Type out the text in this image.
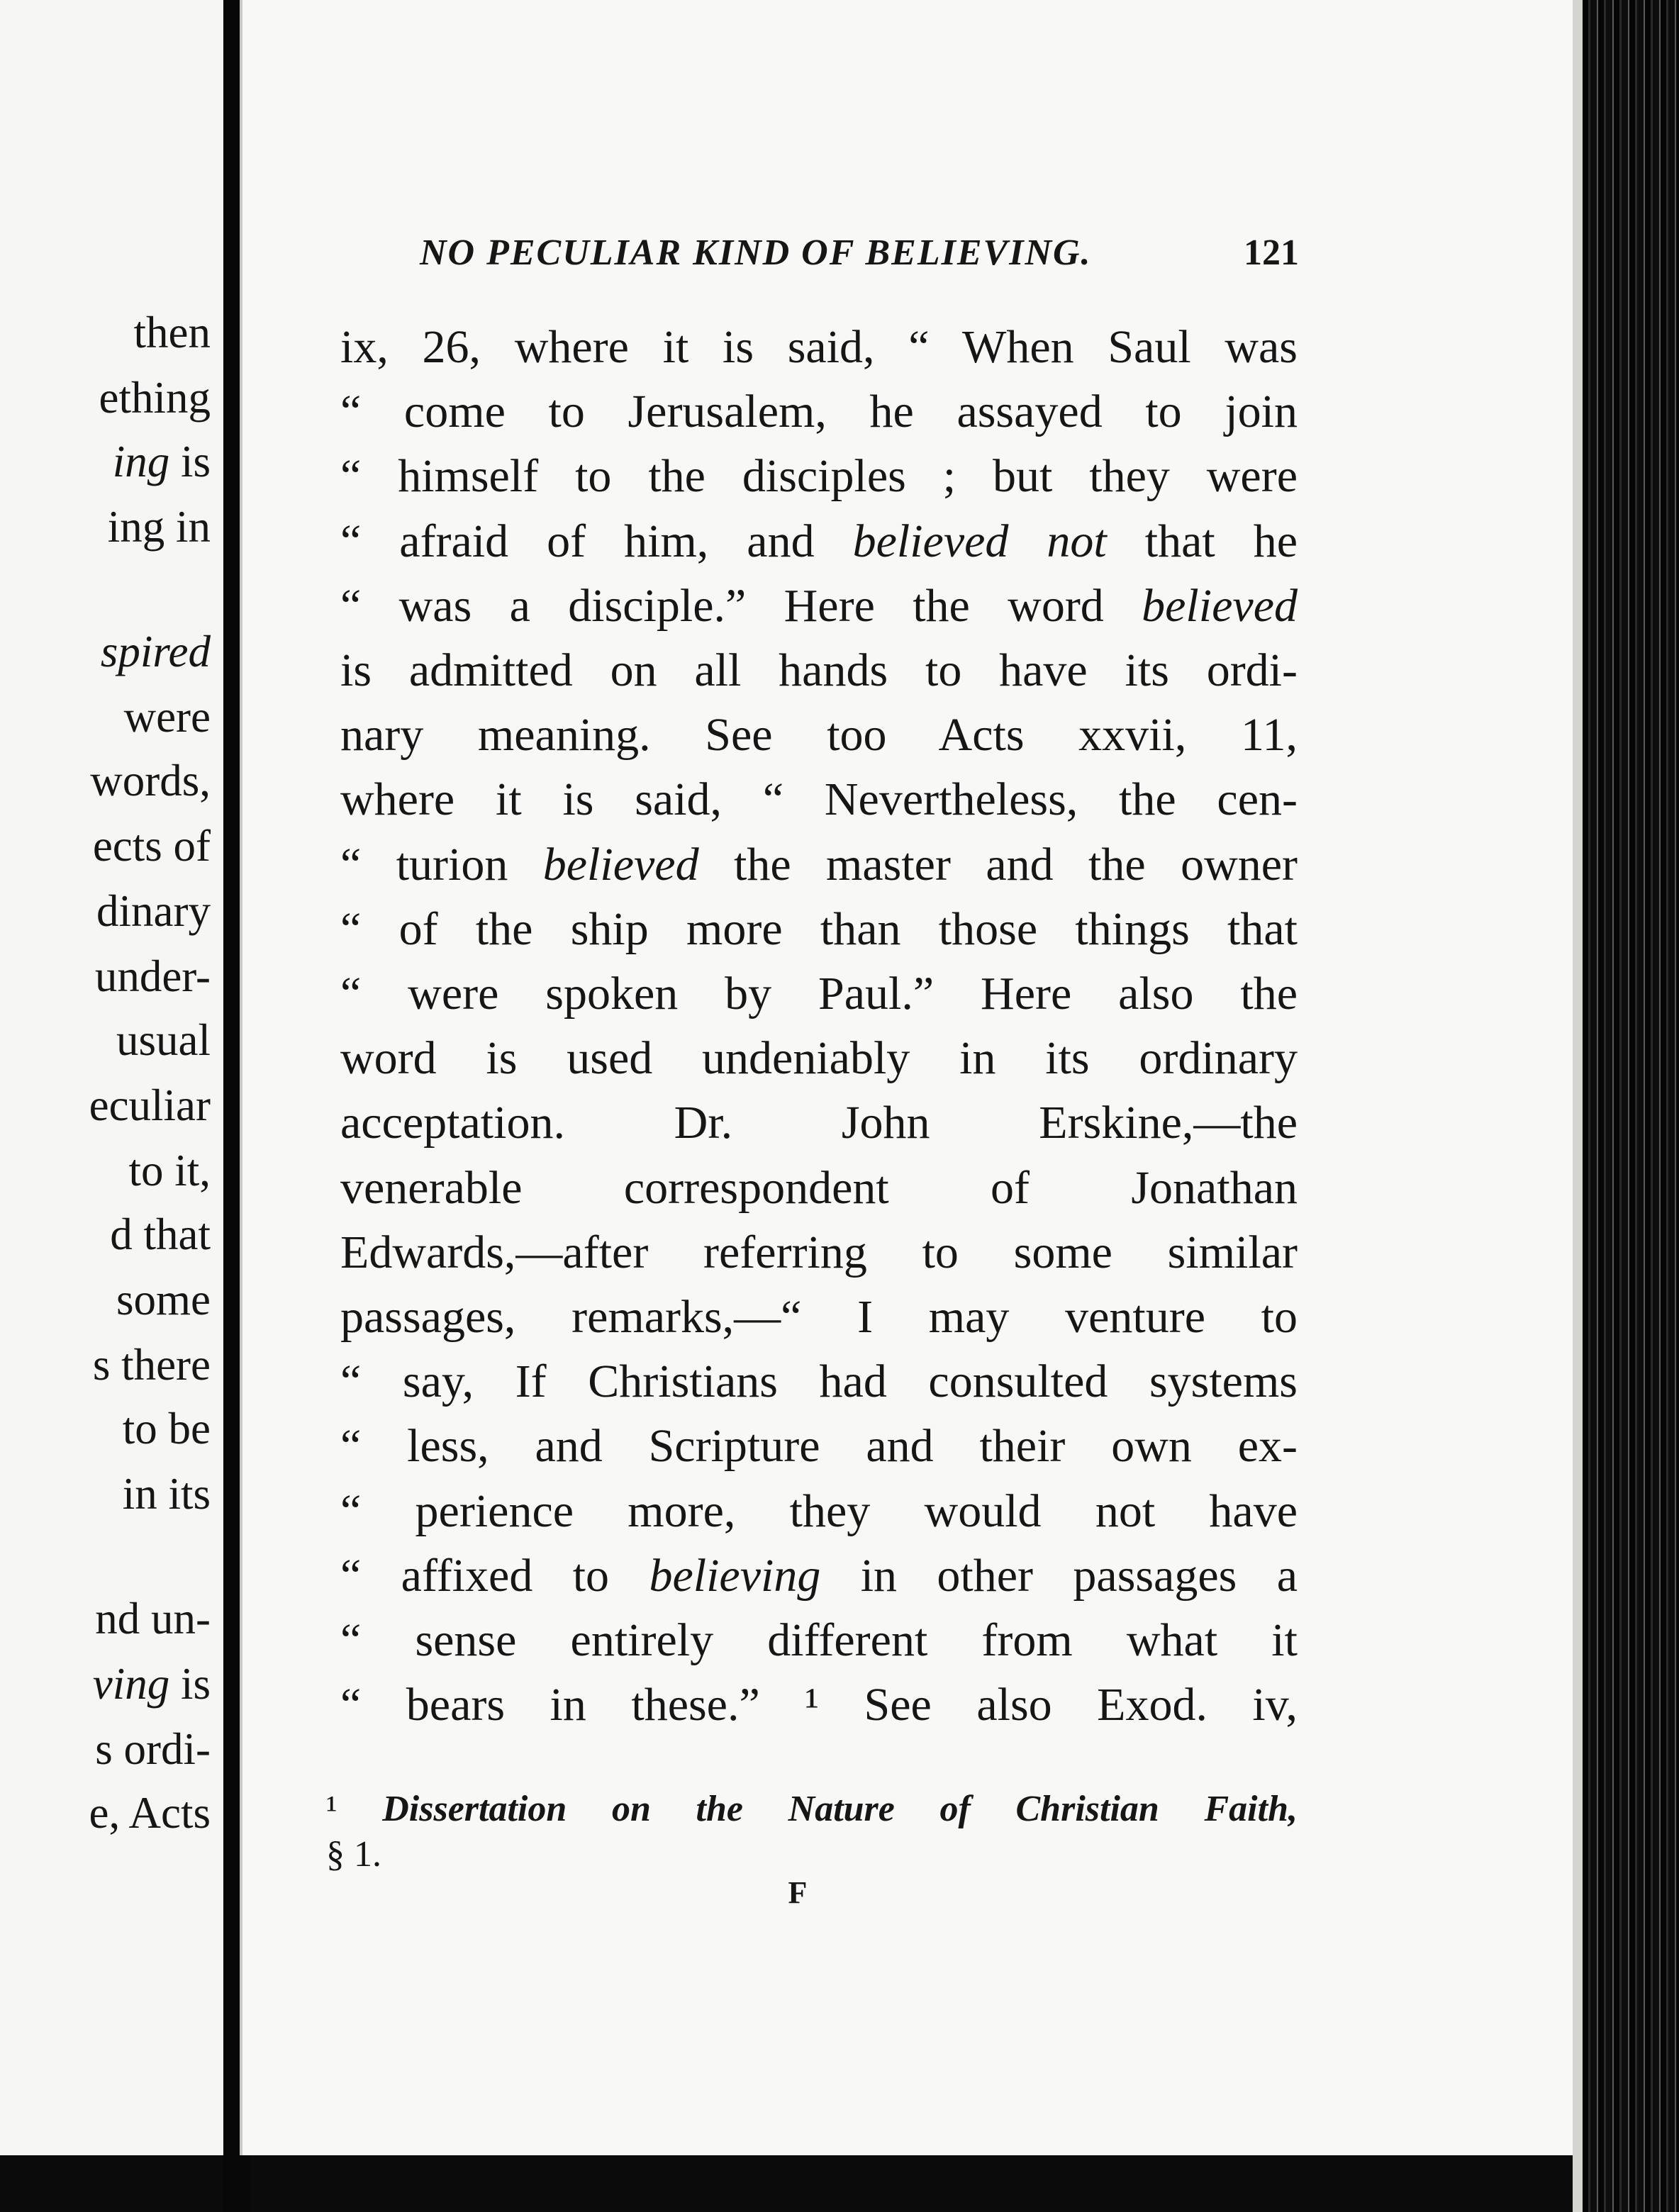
then
ething
ing is
ing in
spired
were
words,
ects of
dinary
under-
usual
eculiar
to it,
d that
some
s there
to be
in its
nd un-
ving is
s ordi-
e, Acts
NO PECULIAR KIND OF BELIEVING.	121
ix, 26, where it is said, “ When Saul was
“ come to Jerusalem, he assayed to join
“ himself to the disciples ; but they were
“ afraid of him, and believed not that he
“ was a disciple.” Here the word believed
is admitted on all hands to have its ordi-
nary meaning. See too Acts xxvii, 11,
where it is said, “ Nevertheless, the cen-
“ turion believed the master and the owner
“ of the ship more than those things that
“ were spoken by Paul.” Here also the
word is used undeniably in its ordinary
acceptation. Dr. John Erskine,—the
venerable correspondent of Jonathan
Edwards,—after referring to some similar
passages, remarks,—“ I may venture to
“ say, If Christians had consulted systems
“ less, and Scripture and their own ex-
“ perience more, they would not have
“ affixed to believing in other passages a
“ sense entirely different from what it
“ bears in these.” ¹ See also Exod. iv,
¹ Dissertation on the Nature of Christian Faith,
§ 1.
F
